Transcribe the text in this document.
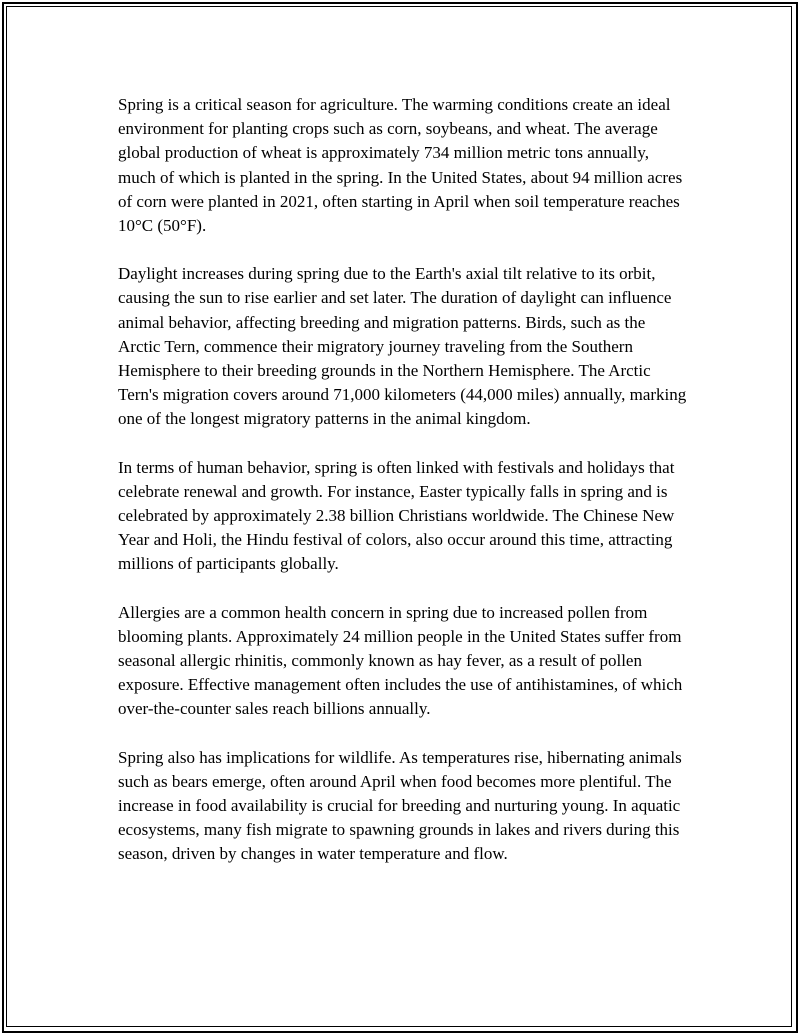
Spring is a critical season for agriculture. The warming conditions create an ideal environment for planting crops such as corn, soybeans, and wheat. The average global production of wheat is approximately 734 million metric tons annually, much of which is planted in the spring. In the United States, about 94 million acres of corn were planted in 2021, often starting in April when soil temperature reaches 10°C (50°F).

Daylight increases during spring due to the Earth's axial tilt relative to its orbit, causing the sun to rise earlier and set later. The duration of daylight can influence animal behavior, affecting breeding and migration patterns. Birds, such as the Arctic Tern, commence their migratory journey traveling from the Southern Hemisphere to their breeding grounds in the Northern Hemisphere. The Arctic Tern's migration covers around 71,000 kilometers (44,000 miles) annually, marking one of the longest migratory patterns in the animal kingdom.

In terms of human behavior, spring is often linked with festivals and holidays that celebrate renewal and growth. For instance, Easter typically falls in spring and is celebrated by approximately 2.38 billion Christians worldwide. The Chinese New Year and Holi, the Hindu festival of colors, also occur around this time, attracting millions of participants globally.

Allergies are a common health concern in spring due to increased pollen from blooming plants. Approximately 24 million people in the United States suffer from seasonal allergic rhinitis, commonly known as hay fever, as a result of pollen exposure. Effective management often includes the use of antihistamines, of which over-the-counter sales reach billions annually.

Spring also has implications for wildlife. As temperatures rise, hibernating animals such as bears emerge, often around April when food becomes more plentiful. The increase in food availability is crucial for breeding and nurturing young. In aquatic ecosystems, many fish migrate to spawning grounds in lakes and rivers during this season, driven by changes in water temperature and flow.
